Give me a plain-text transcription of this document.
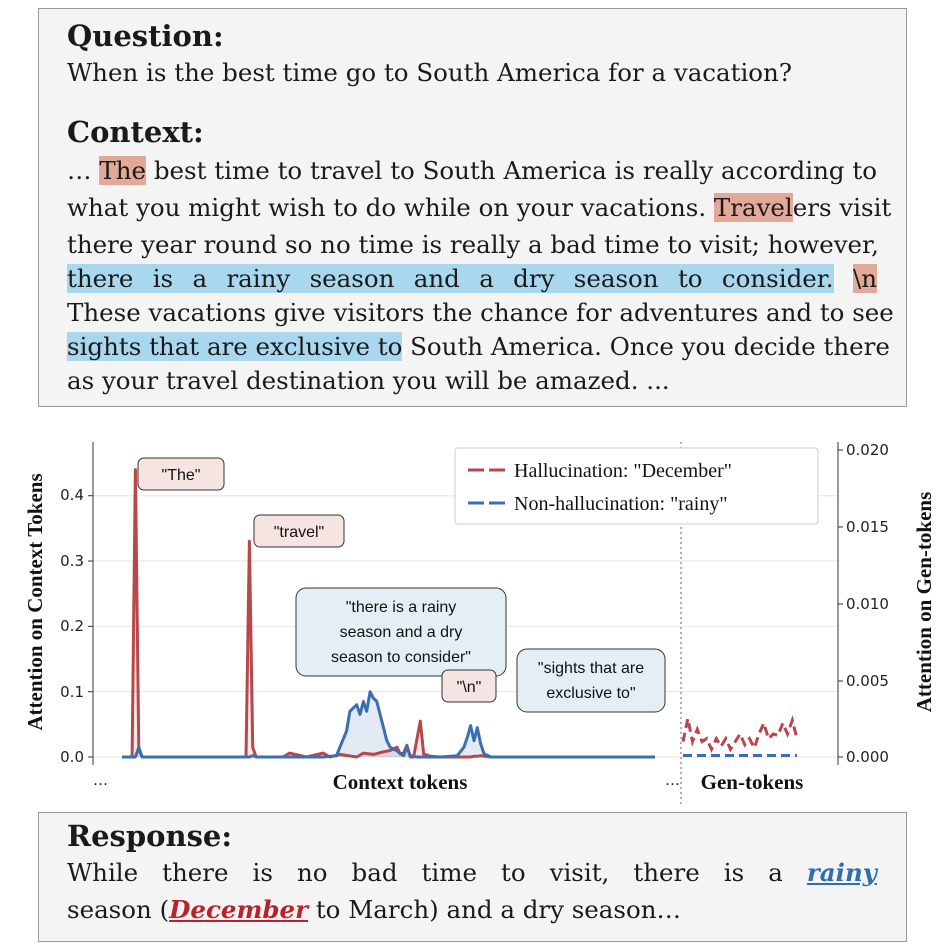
Question:
When is the best time go to South America for a vacation?
Context:
… The best time to travel to South America is really according to
what you might wish to do while on your vacations. Travelers visit
there year round so no time is really a bad time to visit; however,
there is a rainy season and a dry season to consider. \n
These vacations give visitors the chance for adventures and to see
sights that are exclusive to South America. Once you decide there
as your travel destination you will be amazed. ...
0.0
0.1
0.2
0.3
0.4
0.000
0.005
0.010
0.015
0.020
Attention on Context Tokens	Attention on Gen-tokens
Context tokens	Gen-tokens
…	…
Hallucination: "December"
Non-hallucination: "rainy"
"The"
"travel"
"there is a rainy
season and a dry
season to consider"
"\n"
"sights that are
exclusive to"
Response:
While there is no bad time to visit, there is a rainy
season (December to March) and a dry season…
